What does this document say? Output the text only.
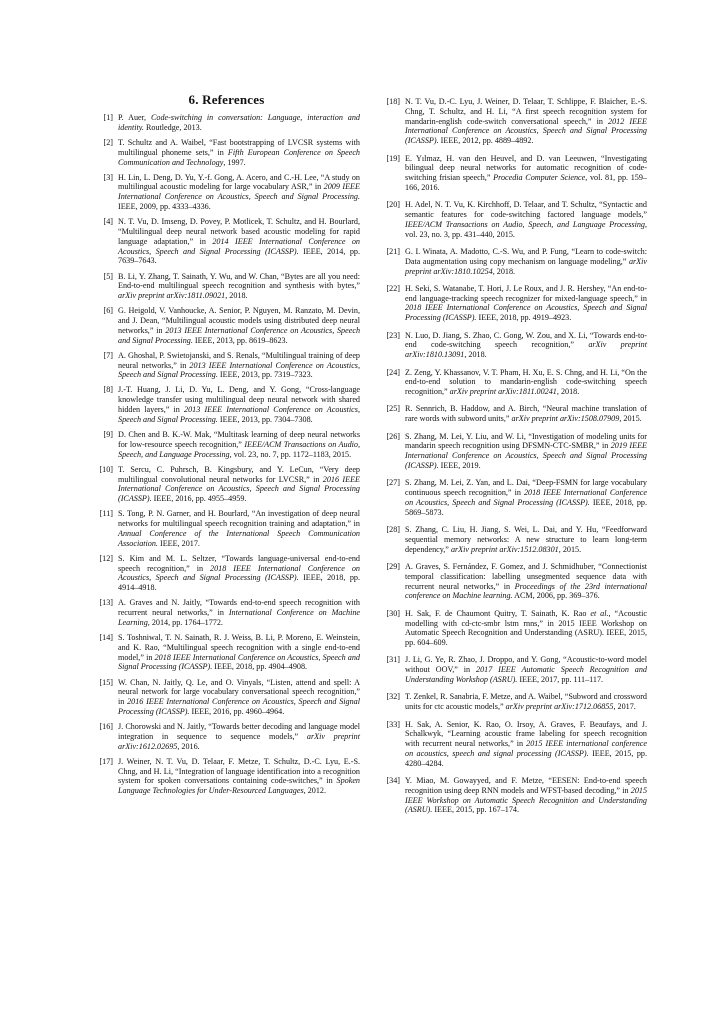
6. References
[1] P. Auer, Code-switching in conversation: Language, interaction and identity. Routledge, 2013.
[2] T. Schultz and A. Waibel, “Fast bootstrapping of LVCSR systems with multilingual phoneme sets,” in Fifth European Conference on Speech Communication and Technology, 1997.
[3] H. Lin, L. Deng, D. Yu, Y.-f. Gong, A. Acero, and C.-H. Lee, “A study on multilingual acoustic modeling for large vocabulary ASR,” in 2009 IEEE International Conference on Acoustics, Speech and Signal Processing. IEEE, 2009, pp. 4333–4336.
[4] N. T. Vu, D. Imseng, D. Povey, P. Motlicek, T. Schultz, and H. Bourlard, “Multilingual deep neural network based acoustic modeling for rapid language adaptation,” in 2014 IEEE International Conference on Acoustics, Speech and Signal Processing (ICASSP). IEEE, 2014, pp. 7639–7643.
[5] B. Li, Y. Zhang, T. Sainath, Y. Wu, and W. Chan, “Bytes are all you need: End-to-end multilingual speech recognition and synthesis with bytes,” arXiv preprint arXiv:1811.09021, 2018.
[6] G. Heigold, V. Vanhoucke, A. Senior, P. Nguyen, M. Ranzato, M. Devin, and J. Dean, “Multilingual acoustic models using distributed deep neural networks,” in 2013 IEEE International Conference on Acoustics, Speech and Signal Processing. IEEE, 2013, pp. 8619–8623.
[7] A. Ghoshal, P. Swietojanski, and S. Renals, “Multilingual training of deep neural networks,” in 2013 IEEE International Conference on Acoustics, Speech and Signal Processing. IEEE, 2013, pp. 7319–7323.
[8] J.-T. Huang, J. Li, D. Yu, L. Deng, and Y. Gong, “Cross-language knowledge transfer using multilingual deep neural network with shared hidden layers,” in 2013 IEEE International Conference on Acoustics, Speech and Signal Processing. IEEE, 2013, pp. 7304–7308.
[9] D. Chen and B. K.-W. Mak, “Multitask learning of deep neural networks for low-resource speech recognition,” IEEE/ACM Transactions on Audio, Speech, and Language Processing, vol. 23, no. 7, pp. 1172–1183, 2015.
[10] T. Sercu, C. Puhrsch, B. Kingsbury, and Y. LeCun, “Very deep multilingual convolutional neural networks for LVCSR,” in 2016 IEEE International Conference on Acoustics, Speech and Signal Processing (ICASSP). IEEE, 2016, pp. 4955–4959.
[11] S. Tong, P. N. Garner, and H. Bourlard, “An investigation of deep neural networks for multilingual speech recognition training and adaptation,” in Annual Conference of the International Speech Communication Association. IEEE, 2017.
[12] S. Kim and M. L. Seltzer, “Towards language-universal end-to-end speech recognition,” in 2018 IEEE International Conference on Acoustics, Speech and Signal Processing (ICASSP). IEEE, 2018, pp. 4914–4918.
[13] A. Graves and N. Jaitly, “Towards end-to-end speech recognition with recurrent neural networks,” in International Conference on Machine Learning, 2014, pp. 1764–1772.
[14] S. Toshniwal, T. N. Sainath, R. J. Weiss, B. Li, P. Moreno, E. Weinstein, and K. Rao, “Multilingual speech recognition with a single end-to-end model,” in 2018 IEEE International Conference on Acoustics, Speech and Signal Processing (ICASSP). IEEE, 2018, pp. 4904–4908.
[15] W. Chan, N. Jaitly, Q. Le, and O. Vinyals, “Listen, attend and spell: A neural network for large vocabulary conversational speech recognition,” in 2016 IEEE International Conference on Acoustics, Speech and Signal Processing (ICASSP). IEEE, 2016, pp. 4960–4964.
[16] J. Chorowski and N. Jaitly, “Towards better decoding and language model integration in sequence to sequence models,” arXiv preprint arXiv:1612.02695, 2016.
[17] J. Weiner, N. T. Vu, D. Telaar, F. Metze, T. Schultz, D.-C. Lyu, E.-S. Chng, and H. Li, “Integration of language identification into a recognition system for spoken conversations containing code-switches,” in Spoken Language Technologies for Under-Resourced Languages, 2012.
[18] N. T. Vu, D.-C. Lyu, J. Weiner, D. Telaar, T. Schlippe, F. Blaicher, E.-S. Chng, T. Schultz, and H. Li, “A first speech recognition system for mandarin-english code-switch conversational speech,” in 2012 IEEE International Conference on Acoustics, Speech and Signal Processing (ICASSP). IEEE, 2012, pp. 4889–4892.
[19] E. Yılmaz, H. van den Heuvel, and D. van Leeuwen, “Investigating bilingual deep neural networks for automatic recognition of code-switching frisian speech,” Procedia Computer Science, vol. 81, pp. 159–166, 2016.
[20] H. Adel, N. T. Vu, K. Kirchhoff, D. Telaar, and T. Schultz, “Syntactic and semantic features for code-switching factored language models,” IEEE/ACM Transactions on Audio, Speech, and Language Processing, vol. 23, no. 3, pp. 431–440, 2015.
[21] G. I. Winata, A. Madotto, C.-S. Wu, and P. Fung, “Learn to code-switch: Data augmentation using copy mechanism on language modeling,” arXiv preprint arXiv:1810.10254, 2018.
[22] H. Seki, S. Watanabe, T. Hori, J. Le Roux, and J. R. Hershey, “An end-to-end language-tracking speech recognizer for mixed-language speech,” in 2018 IEEE International Conference on Acoustics, Speech and Signal Processing (ICASSP). IEEE, 2018, pp. 4919–4923.
[23] N. Luo, D. Jiang, S. Zhao, C. Gong, W. Zou, and X. Li, “Towards end-to-end code-switching speech recognition,” arXiv preprint arXiv:1810.13091, 2018.
[24] Z. Zeng, Y. Khassanov, V. T. Pham, H. Xu, E. S. Chng, and H. Li, “On the end-to-end solution to mandarin-english code-switching speech recognition,” arXiv preprint arXiv:1811.00241, 2018.
[25] R. Sennrich, B. Haddow, and A. Birch, “Neural machine translation of rare words with subword units,” arXiv preprint arXiv:1508.07909, 2015.
[26] S. Zhang, M. Lei, Y. Liu, and W. Li, “Investigation of modeling units for mandarin speech recognition using DFSMN-CTC-SMBR,” in 2019 IEEE International Conference on Acoustics, Speech and Signal Processing (ICASSP). IEEE, 2019.
[27] S. Zhang, M. Lei, Z. Yan, and L. Dai, “Deep-FSMN for large vocabulary continuous speech recognition,” in 2018 IEEE International Conference on Acoustics, Speech and Signal Processing (ICASSP). IEEE, 2018, pp. 5869–5873.
[28] S. Zhang, C. Liu, H. Jiang, S. Wei, L. Dai, and Y. Hu, “Feedforward sequential memory networks: A new structure to learn long-term dependency,” arXiv preprint arXiv:1512.08301, 2015.
[29] A. Graves, S. Fernández, F. Gomez, and J. Schmidhuber, “Connectionist temporal classification: labelling unsegmented sequence data with recurrent neural networks,” in Proceedings of the 23rd international conference on Machine learning. ACM, 2006, pp. 369–376.
[30] H. Sak, F. de Chaumont Quitry, T. Sainath, K. Rao et al., “Acoustic modelling with cd-ctc-smbr lstm rnns,” in 2015 IEEE Workshop on Automatic Speech Recognition and Understanding (ASRU). IEEE, 2015, pp. 604–609.
[31] J. Li, G. Ye, R. Zhao, J. Droppo, and Y. Gong, “Acoustic-to-word model without OOV,” in 2017 IEEE Automatic Speech Recognition and Understanding Workshop (ASRU). IEEE, 2017, pp. 111–117.
[32] T. Zenkel, R. Sanabria, F. Metze, and A. Waibel, “Subword and crossword units for ctc acoustic models,” arXiv preprint arXiv:1712.06855, 2017.
[33] H. Sak, A. Senior, K. Rao, O. Irsoy, A. Graves, F. Beaufays, and J. Schalkwyk, “Learning acoustic frame labeling for speech recognition with recurrent neural networks,” in 2015 IEEE international conference on acoustics, speech and signal processing (ICASSP). IEEE, 2015, pp. 4280–4284.
[34] Y. Miao, M. Gowayyed, and F. Metze, “EESEN: End-to-end speech recognition using deep RNN models and WFST-based decoding,” in 2015 IEEE Workshop on Automatic Speech Recognition and Understanding (ASRU). IEEE, 2015, pp. 167–174.
